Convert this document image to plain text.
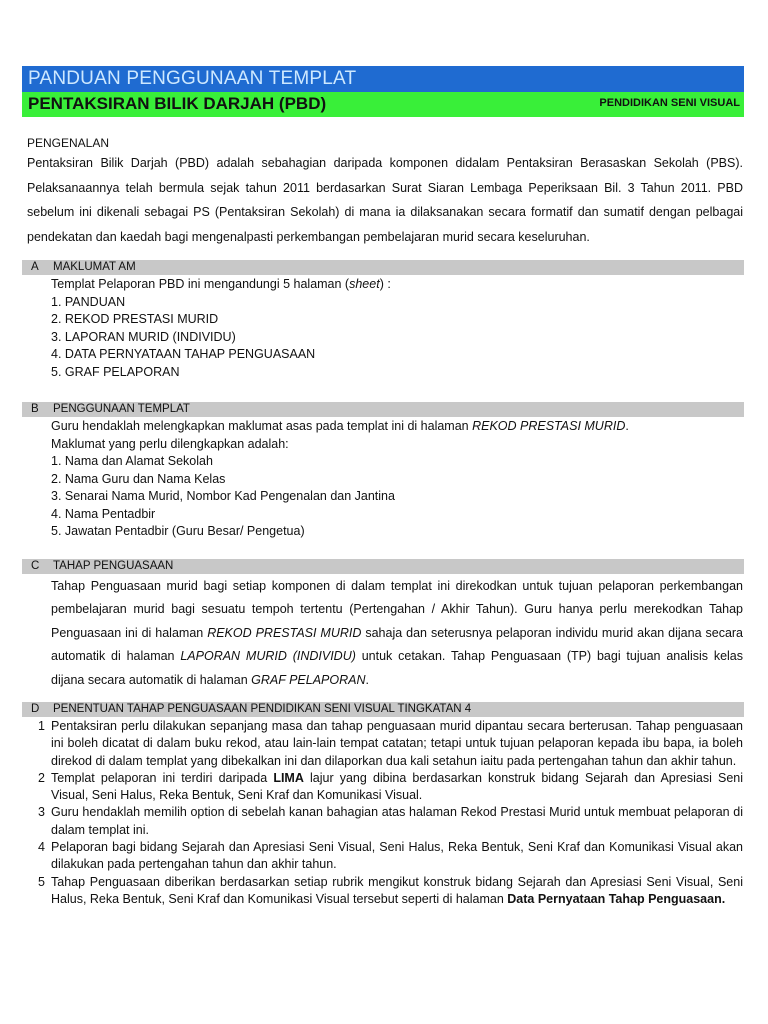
PANDUAN PENGGUNAAN TEMPLAT
PENTAKSIRAN BILIK DARJAH (PBD)	PENDIDIKAN SENI VISUAL
PENGENALAN

Pentaksiran Bilik Darjah (PBD) adalah sebahagian daripada komponen didalam Pentaksiran Berasaskan Sekolah (PBS). Pelaksanaannya telah bermula sejak tahun 2011 berdasarkan Surat Siaran Lembaga Peperiksaan Bil. 3 Tahun 2011. PBD sebelum ini dikenali sebagai PS (Pentaksiran Sekolah) di mana ia dilaksanakan secara formatif dan sumatif dengan pelbagai pendekatan dan kaedah bagi mengenalpasti perkembangan pembelajaran murid secara keseluruhan.

A MAKLUMAT AM
Templat Pelaporan PBD ini mengandungi 5 halaman (sheet) :
1. PANDUAN
2. REKOD PRESTASI MURID
3. LAPORAN MURID (INDIVIDU)
4. DATA PERNYATAAN TAHAP PENGUASAAN
5. GRAF PELAPORAN
B PENGGUNAAN TEMPLAT
Guru hendaklah melengkapkan maklumat asas pada templat ini di halaman REKOD PRESTASI MURID.
Maklumat yang perlu dilengkapkan adalah:
1. Nama dan Alamat Sekolah
2. Nama Guru dan Nama Kelas
3. Senarai Nama Murid, Nombor Kad Pengenalan dan Jantina
4. Nama Pentadbir
5. Jawatan Pentadbir (Guru Besar/ Pengetua)
C TAHAP PENGUASAAN
Tahap Penguasaan murid bagi setiap komponen di dalam templat ini direkodkan untuk tujuan pelaporan perkembangan pembelajaran murid bagi sesuatu tempoh tertentu (Pertengahan / Akhir Tahun). Guru hanya perlu merekodkan Tahap Penguasaan ini di halaman REKOD PRESTASI MURID sahaja dan seterusnya pelaporan individu murid akan dijana secara automatik di halaman LAPORAN MURID (INDIVIDU) untuk cetakan. Tahap Penguasaan (TP) bagi tujuan analisis kelas dijana secara automatik di halaman GRAF PELAPORAN.
D PENENTUAN TAHAP PENGUASAAN PENDIDIKAN SENI VISUAL TINGKATAN 4
1 Pentaksiran perlu dilakukan sepanjang masa dan tahap penguasaan murid dipantau secara berterusan. Tahap penguasaan ini boleh dicatat di dalam buku rekod, atau lain-lain tempat catatan; tetapi untuk tujuan pelaporan kepada ibu bapa, ia boleh direkod di dalam templat yang dibekalkan ini dan dilaporkan dua kali setahun iaitu pada pertengahan tahun dan akhir tahun.
2 Templat pelaporan ini terdiri daripada LIMA lajur yang dibina berdasarkan konstruk bidang Sejarah dan Apresiasi Seni Visual, Seni Halus, Reka Bentuk, Seni Kraf dan Komunikasi Visual.
3 Guru hendaklah memilih option di sebelah kanan bahagian atas halaman Rekod Prestasi Murid untuk membuat pelaporan di dalam templat ini.
4 Pelaporan bagi bidang Sejarah dan Apresiasi Seni Visual, Seni Halus, Reka Bentuk, Seni Kraf dan Komunikasi Visual akan dilakukan pada pertengahan tahun dan akhir tahun.
5 Tahap Penguasaan diberikan berdasarkan setiap rubrik mengikut konstruk bidang Sejarah dan Apresiasi Seni Visual, Seni Halus, Reka Bentuk, Seni Kraf dan Komunikasi Visual tersebut seperti di halaman Data Pernyataan Tahap Penguasaan.
